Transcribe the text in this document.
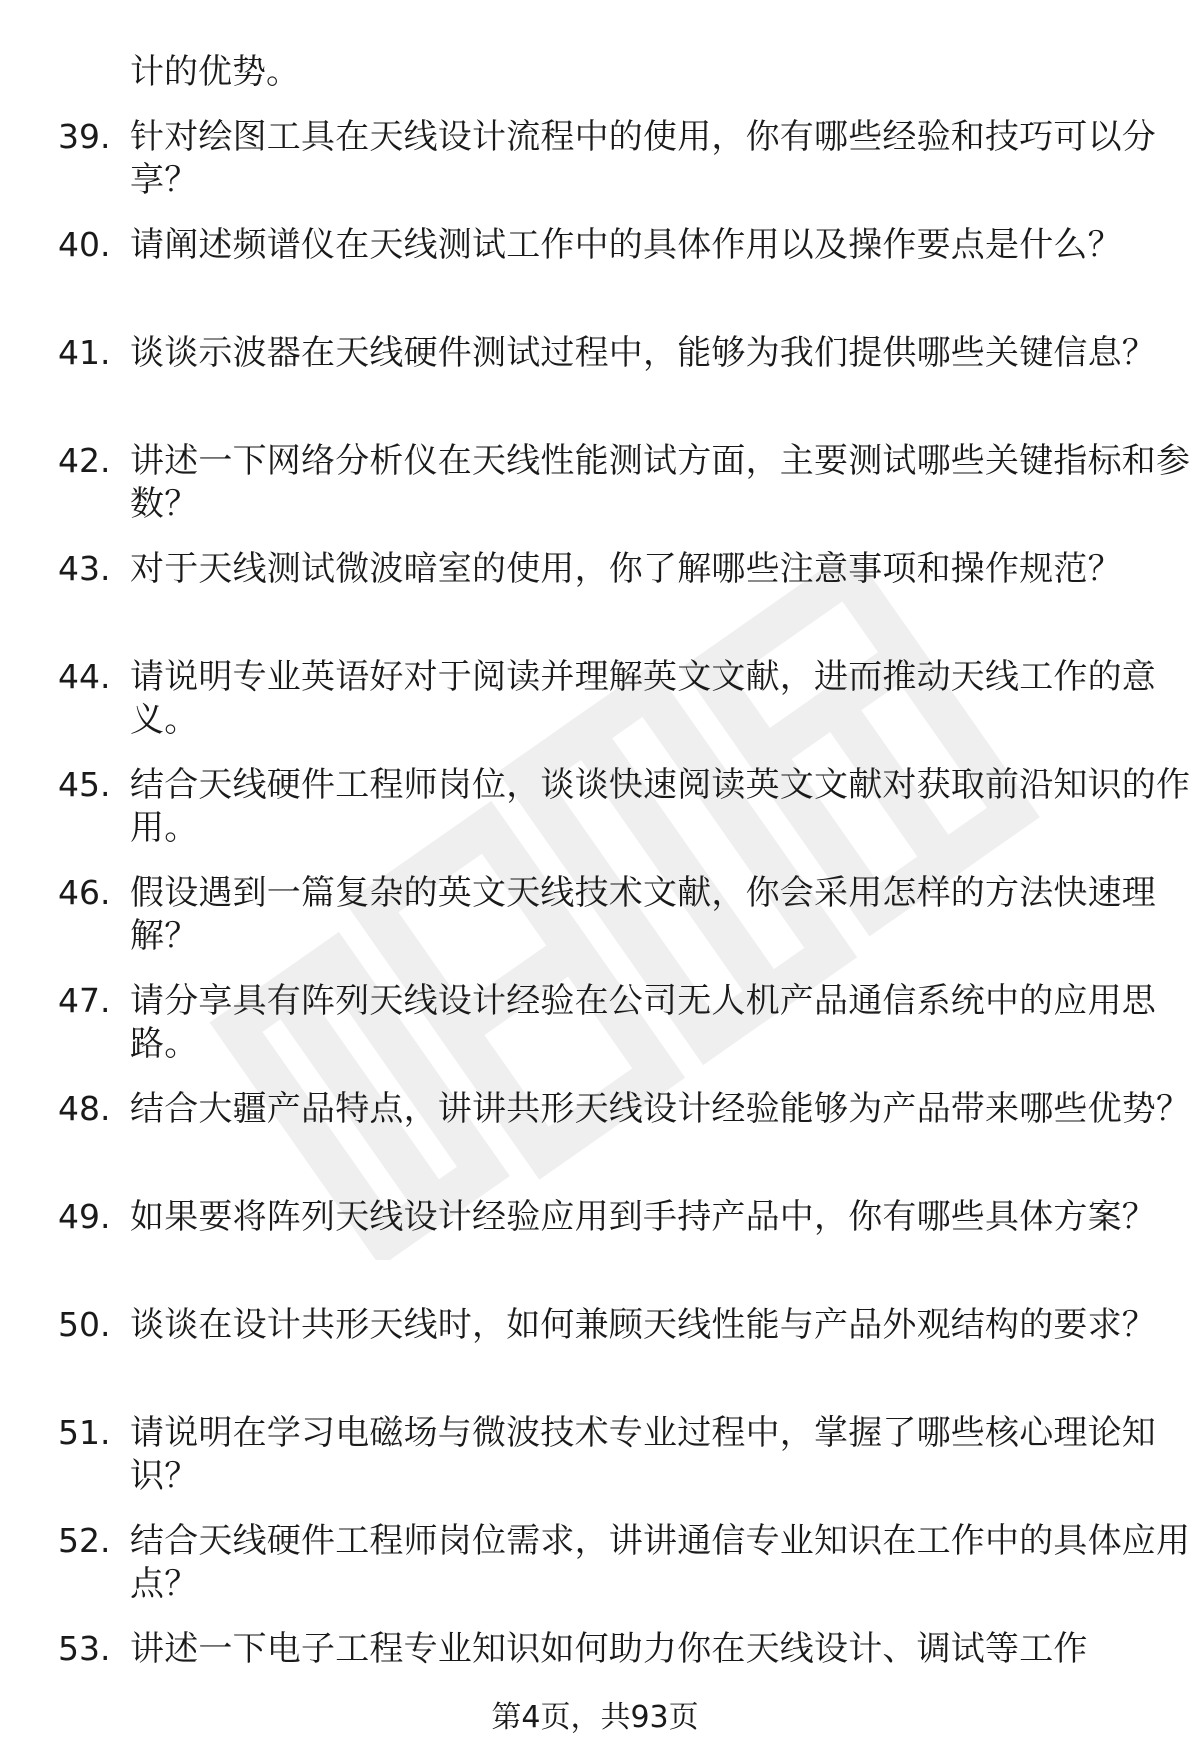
计的优势。
39. 针对绘图工具在天线设计流程中的使用，你有哪些经验和技巧可以分享？
40. 请阐述频谱仪在天线测试工作中的具体作用以及操作要点是什么？
41. 谈谈示波器在天线硬件测试过程中，能够为我们提供哪些关键信息？
42. 讲述一下网络分析仪在天线性能测试方面，主要测试哪些关键指标和参数？
43. 对于天线测试微波暗室的使用，你了解哪些注意事项和操作规范？
44. 请说明专业英语好对于阅读并理解英文文献，进而推动天线工作的意义。
45. 结合天线硬件工程师岗位，谈谈快速阅读英文文献对获取前沿知识的作用。
46. 假设遇到一篇复杂的英文天线技术文献，你会采用怎样的方法快速理解？
47. 请分享具有阵列天线设计经验在公司无人机产品通信系统中的应用思路。
48. 结合大疆产品特点，讲讲共形天线设计经验能够为产品带来哪些优势？
49. 如果要将阵列天线设计经验应用到手持产品中，你有哪些具体方案？
50. 谈谈在设计共形天线时，如何兼顾天线性能与产品外观结构的要求？
51. 请说明在学习电磁场与微波技术专业过程中，掌握了哪些核心理论知识？
52. 结合天线硬件工程师岗位需求，讲讲通信专业知识在工作中的具体应用点？
53. 讲述一下电子工程专业知识如何助力你在天线设计、调试等工作
第4页，共93页
